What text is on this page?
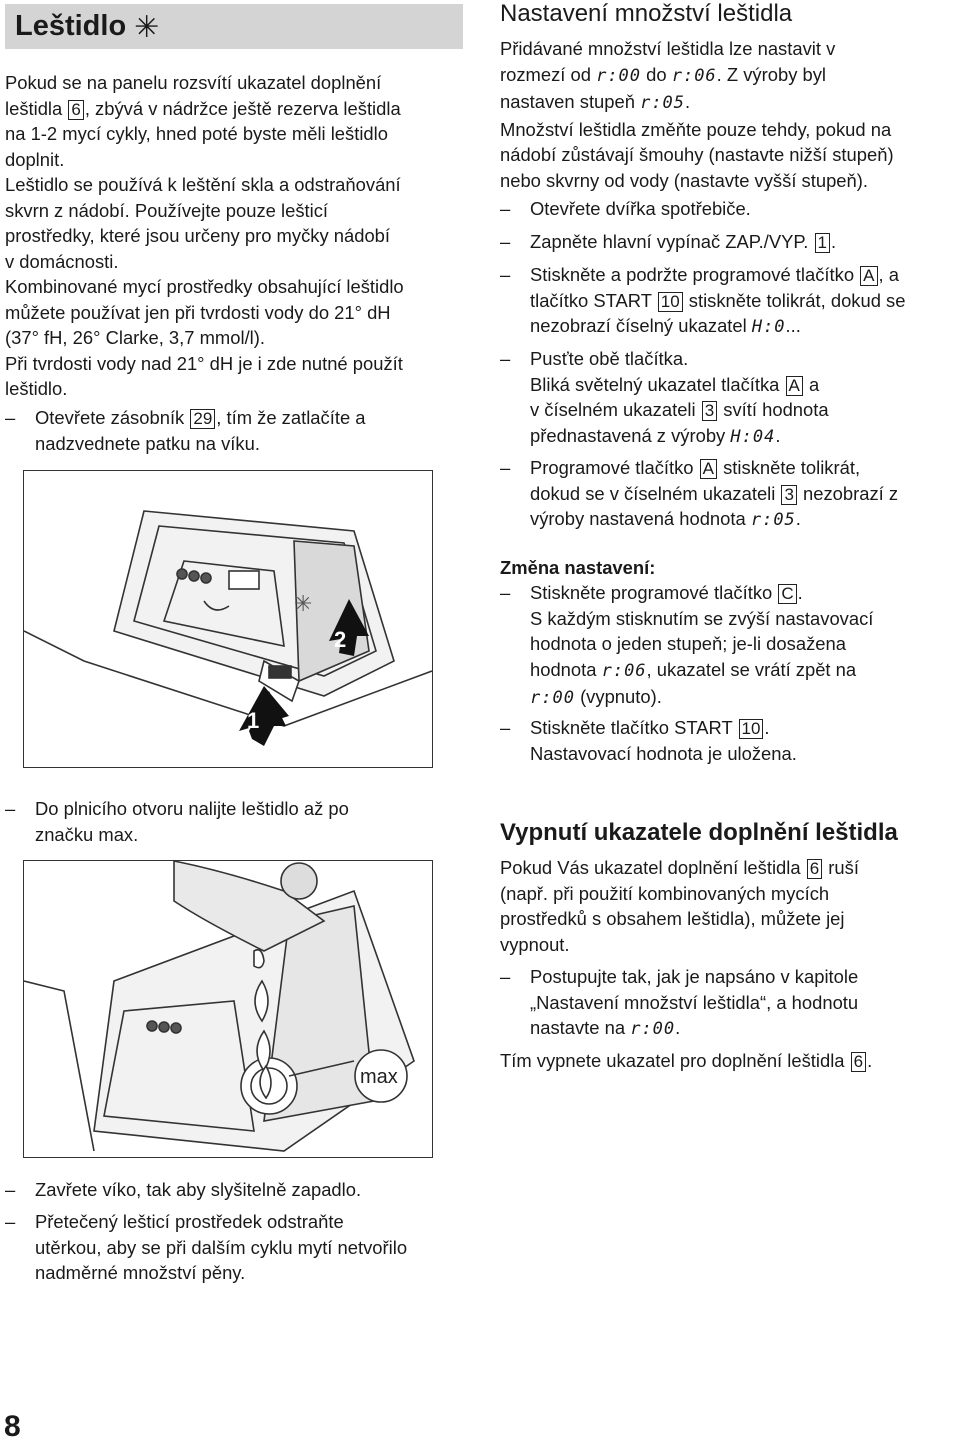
Leštidlo ✳
Pokud se na panelu rozsvítí ukazatel doplnění
leštidla 6 , zbývá v nádržce ještě rezerva leštidla
na 1-2 mycí cykly, hned poté byste měli leštidlo
doplnit.
Leštidlo se používá k leštění skla a odstraňování
skvrn z nádobí. Používejte pouze lešticí
prostředky, které jsou určeny pro myčky nádobí
v domácnosti.
Kombinované mycí prostředky obsahující leštidlo
můžete používat jen při tvrdosti vody do 21° dH
(37° fH, 26° Clarke, 3,7 mmol/l).
Při tvrdosti vody nad 21° dH je i zde nutné použít
leštidlo.
– Otevřete zásobník 29 , tím že zatlačíte a
nadzvednete patku na víku.
1
2
✳
– Do plnicího otvoru nalijte leštidlo až po
značku max.
max
– Zavřete víko, tak aby slyšitelně zapadlo.
– Přetečený lešticí prostředek odstraňte
utěrkou, aby se při dalším cyklu mytí netvořilo
nadměrné množství pěny.
8
Nastavení množství leštidla
Přidávané množství leštidla lze nastavit v
rozmezí od r:00 do r:06. Z výroby byl
nastaven stupeň r:05.
Množství leštidla změňte pouze tehdy, pokud na
nádobí zůstávají šmouhy (nastavte nižší stupeň)
nebo skvrny od vody (nastavte vyšší stupeň).
– Otevřete dvířka spotřebiče.
– Zapněte hlavní vypínač ZAP./VYP. 1 .
– Stiskněte a podržte programové tlačítko A , a
tlačítko START 10 stiskněte tolikrát, dokud se
nezobrazí číselný ukazatel H:0...
– Pusťte obě tlačítka.
Bliká světelný ukazatel tlačítka A a
v číselném ukazateli 3 svítí hodnota
přednastavená z výroby H:04.
– Programové tlačítko A stiskněte tolikrát,
dokud se v číselném ukazateli 3 nezobrazí z
výroby nastavená hodnota r:05.
Změna nastavení:
– Stiskněte programové tlačítko C .
S každým stisknutím se zvýší nastavovací
hodnota o jeden stupeň; je-li dosažena
hodnota r:06, ukazatel se vrátí zpět na
r:00 (vypnuto).
– Stiskněte tlačítko START 10 .
Nastavovací hodnota je uložena.
Vypnutí ukazatele doplnění leštidla
Pokud Vás ukazatel doplnění leštidla 6 ruší
(např. při použití kombinovaných mycích
prostředků s obsahem leštidla), můžete jej
vypnout.
– Postupujte tak, jak je napsáno v kapitole
„Nastavení množství leštidla“, a hodnotu
nastavte na r:00.
Tím vypnete ukazatel pro doplnění leštidla 6 .
